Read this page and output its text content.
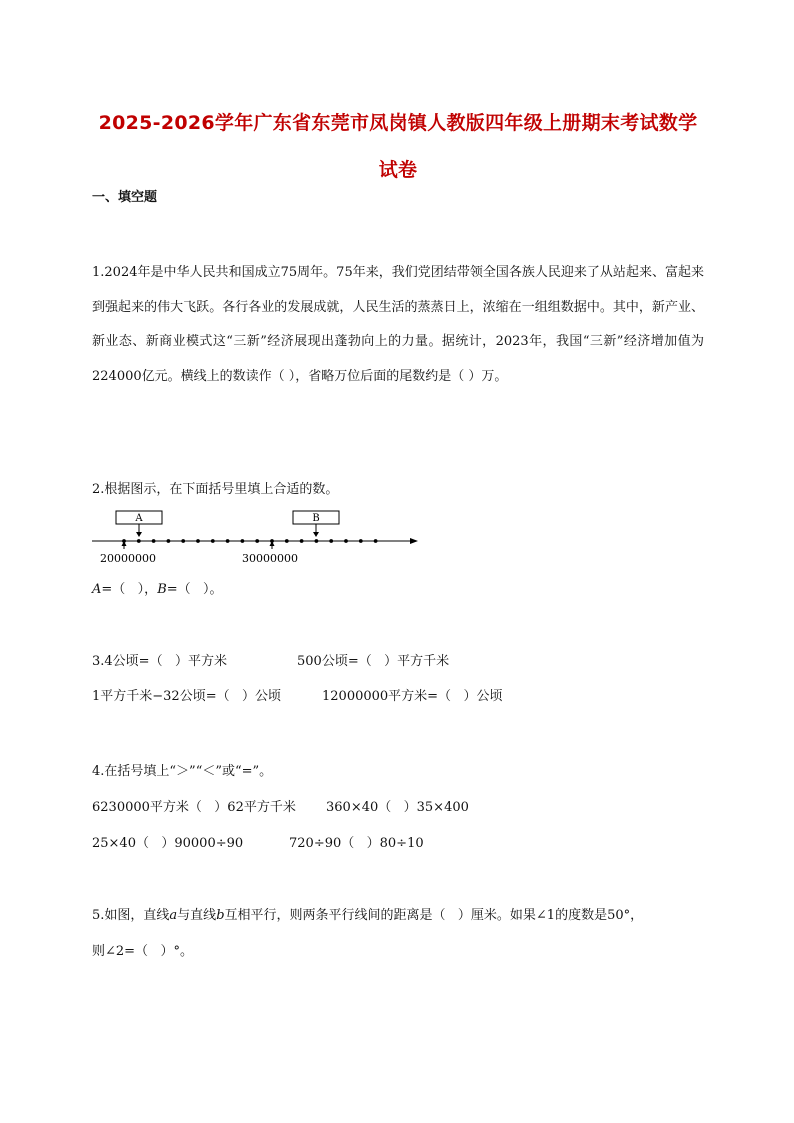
2025-2026学年广东省东莞市凤岗镇人教版四年级上册期末考试数学试卷
一、填空题
1.2024年是中华人民共和国成立75周年。75年来，我们党团结带领全国各族人民迎来了从站起来、富起来到强起来的伟大飞跃。各行各业的发展成就，人民生活的蒸蒸日上，浓缩在一组组数据中。其中，新产业、新业态、新商业模式这“三新”经济展现出蓬勃向上的力量。据统计，2023年，我国“三新”经济增加值为224000亿元。横线上的数读作（ ），省略万位后面的尾数约是（ ）万。
2.根据图示，在下面括号里填上合适的数。
A	B
20000000	30000000
A=（   ），B=（   ）。
3.4公顷=（   ）平方米	500公顷=（   ）平方千米
1平方千米−32公顷=（   ）公顷	12000000平方米=（   ）公顷
4.在括号填上“＞”“＜”或“=”。
6230000平方米（   ）62平方千米 360×40（   ）35×400
25×40（   ）90000÷90	720÷90（   ）80÷10
5.如图，直线a与直线b互相平行，则两条平行线间的距离是（   ）厘米。如果∠1的度数是50°，
则∠2=（   ）°。
